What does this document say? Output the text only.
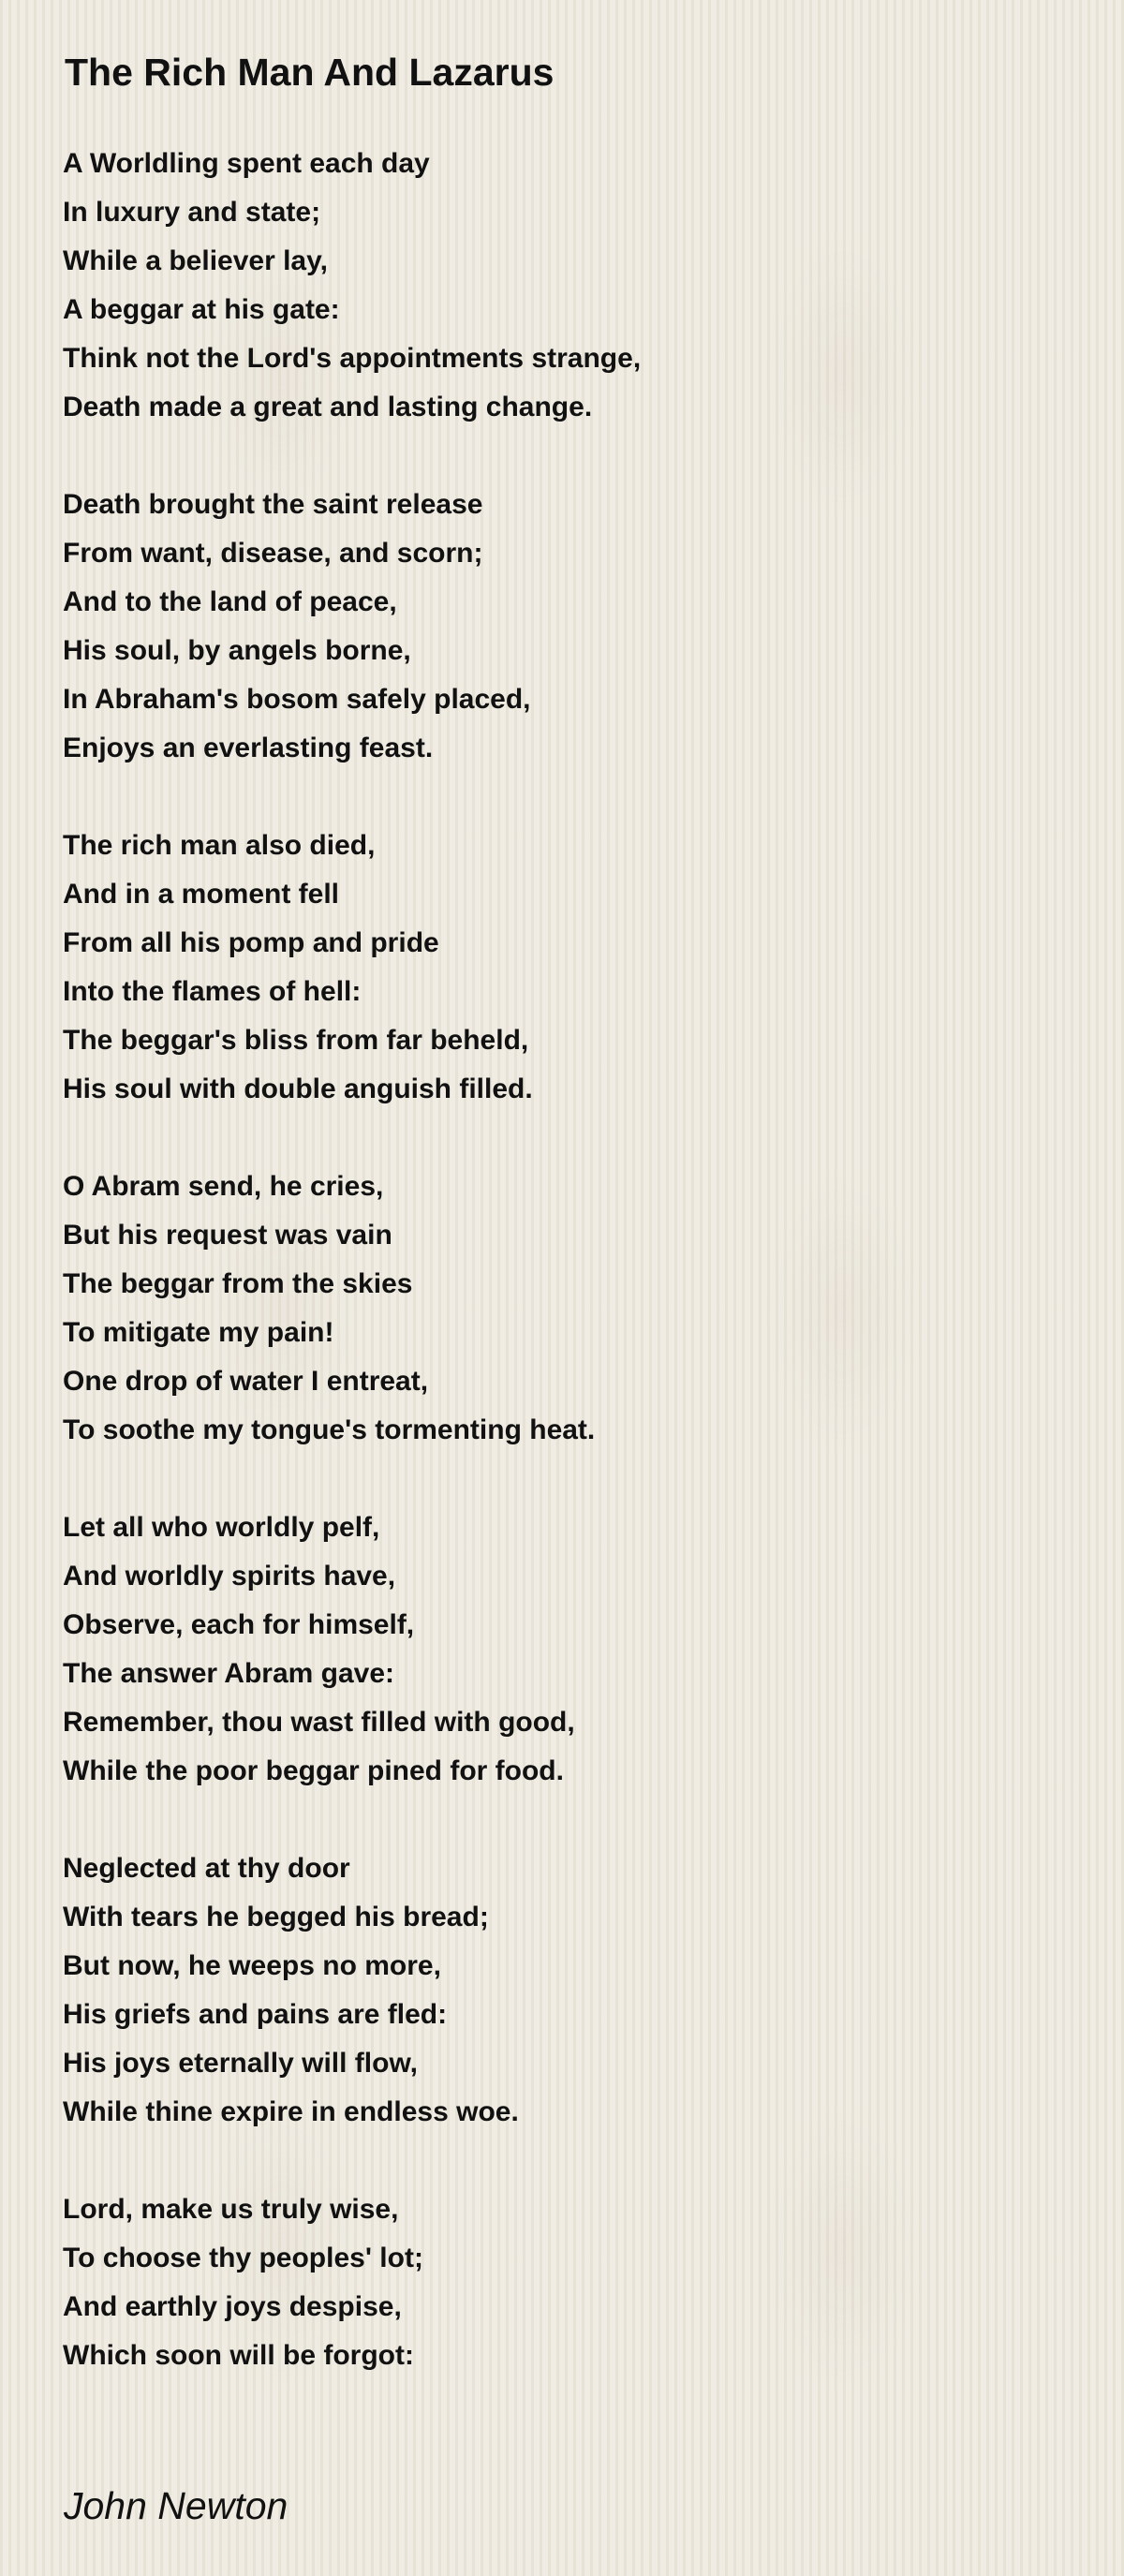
The Rich Man And Lazarus

A Worldling spent each day
In luxury and state;
While a believer lay,
A beggar at his gate:
Think not the Lord's appointments strange,
Death made a great and lasting change.

Death brought the saint release
From want, disease, and scorn;
And to the land of peace,
His soul, by angels borne,
In Abraham's bosom safely placed,
Enjoys an everlasting feast.

The rich man also died,
And in a moment fell
From all his pomp and pride
Into the flames of hell:
The beggar's bliss from far beheld,
His soul with double anguish filled.

O Abram send, he cries,
But his request was vain
The beggar from the skies
To mitigate my pain!
One drop of water I entreat,
To soothe my tongue's tormenting heat.

Let all who worldly pelf,
And worldly spirits have,
Observe, each for himself,
The answer Abram gave:
Remember, thou wast filled with good,
While the poor beggar pined for food.

Neglected at thy door
With tears he begged his bread;
But now, he weeps no more,
His griefs and pains are fled:
His joys eternally will flow,
While thine expire in endless woe.

Lord, make us truly wise,
To choose thy peoples' lot;
And earthly joys despise,
Which soon will be forgot:

John Newton
